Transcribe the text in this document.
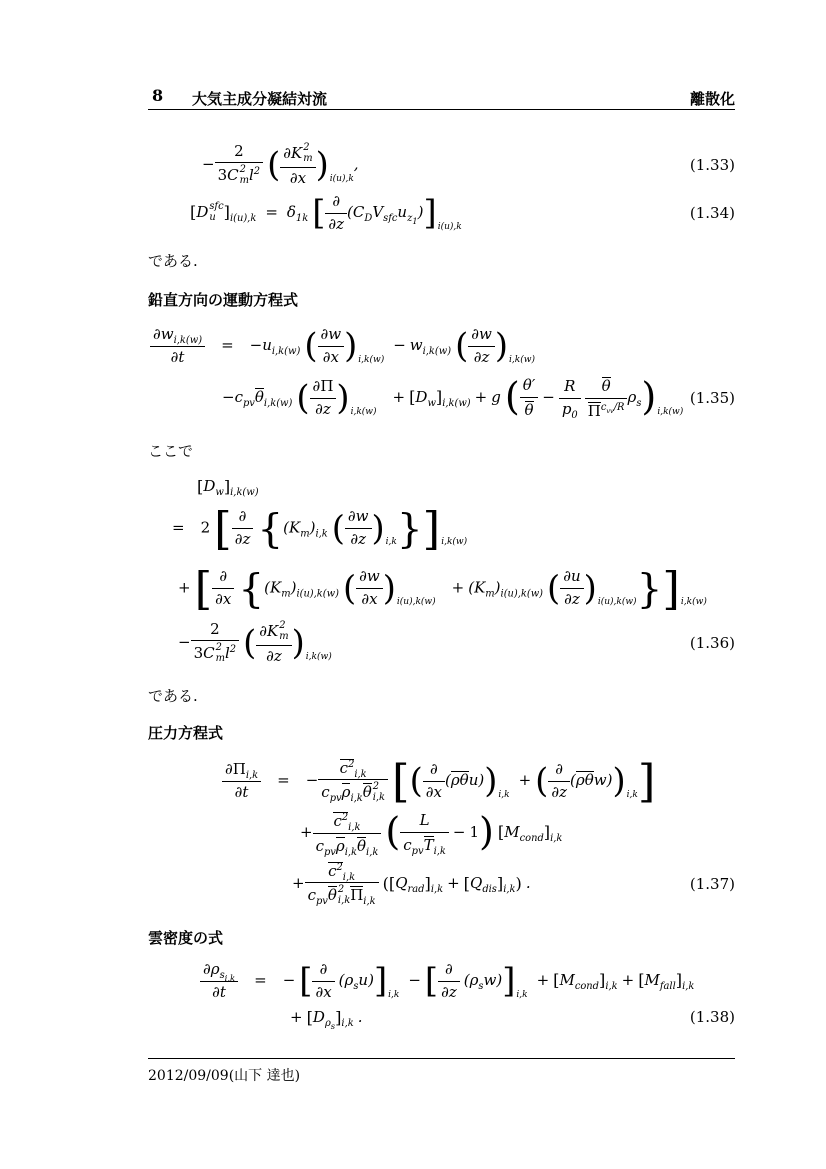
8 大気主成分凝結対流	離散化
− 2
3C 2
m $l^2$ ( ∂K 2
m
∂x )$_{i(u),k}$,	(1.33)
[D sfc
u ]$_{i(u),k} = \delta_{1k}$ [ ∂
∂z
$(C_DV_{sfc}u_{z_1})]_{i(u),k}$
(1.34)
である.
鉛直方向の運動方程式
$\frac{\partial w_{i,k(w)}}{\partial t} = -u_{i,k(w)}$ ( $\frac{\partial w}{\partial x} )_{i,k(w)}- w_{i,k(w)}$ ( $\frac{\partial w}{\partial z} )_{i,k(w)}$
$-c_{pv}\theta_{i,k(w)}$ ( $\frac{\partial\Pi}{\partial z} )_{i,k(w)}+ [D_w]_{i,k(w)} + g$ ( $\frac{\theta'}{\theta} - \frac{R}{p_0}$	θ
$\Pi^{c_{vv}/R}$
$\rho_s)_{i,k(w)}$
(1.35)
ここで
$[D_w]_{i,k(w)}$
= 2[ ∂
∂z {$(K_m)_{i,k}$ ( $\frac{\partial w}{\partial z} )_{i,k}\}]_{i,k(w)}$
+[ ∂
∂x {$(K_m)_{i(u),k(w)}$ ( $\frac{\partial w}{\partial x} )_{i(u),k(w)}+ (K_m)_{i(u),k(w)}$ ( $\frac{\partial u}{\partial z} )_{i(u),k(w)}\}]_{i,k(w)}$
− 2
3C 2
m $l^2$ ( ∂K 2
m
∂z )$_{i,k(w)}$
(1.36)
である.
圧力方程式
$\frac{\partial\Pi_{i,k}}{\partial t}$ = −
$c^2_{i,k}$
$c_{pv}\rho_{i,k}\theta$ 2
i,k [( ∂
∂x
$(\rho\theta u))_{i,k}+$ ( ∂
∂z
$(\rho\theta w))_{i,k}$]
+
$c^2_{i,k}$
$c_{pv}\rho_{i,k}\theta_{i,k}$ (	L
$c_{pv}T_{i,k}$
− 1) $[M_{cond}]_{i,k}$
+
$c^2_{i,k}$
$c_{pv}\theta$ 2
i,k $\Pi_{i,k}$
$([Q_{rad}]_{i,k} + [Q_{dis}]_{i,k})$ .	(1.37)
雲密度の式
$\partial\rho_{s_{i,k}}$
∂t
= − [ ∂
∂x
$(\rho_su)]_{i,k}-$ [ ∂
∂z
$(\rho_sw)]_{i,k}+ [M_{cond}]_{i,k} + [M_{fall}]_{i,k}$
+ $[D_{\rho_s}]_{i,k}$ .	(1.38)
2012/09/09(山下 達也)
